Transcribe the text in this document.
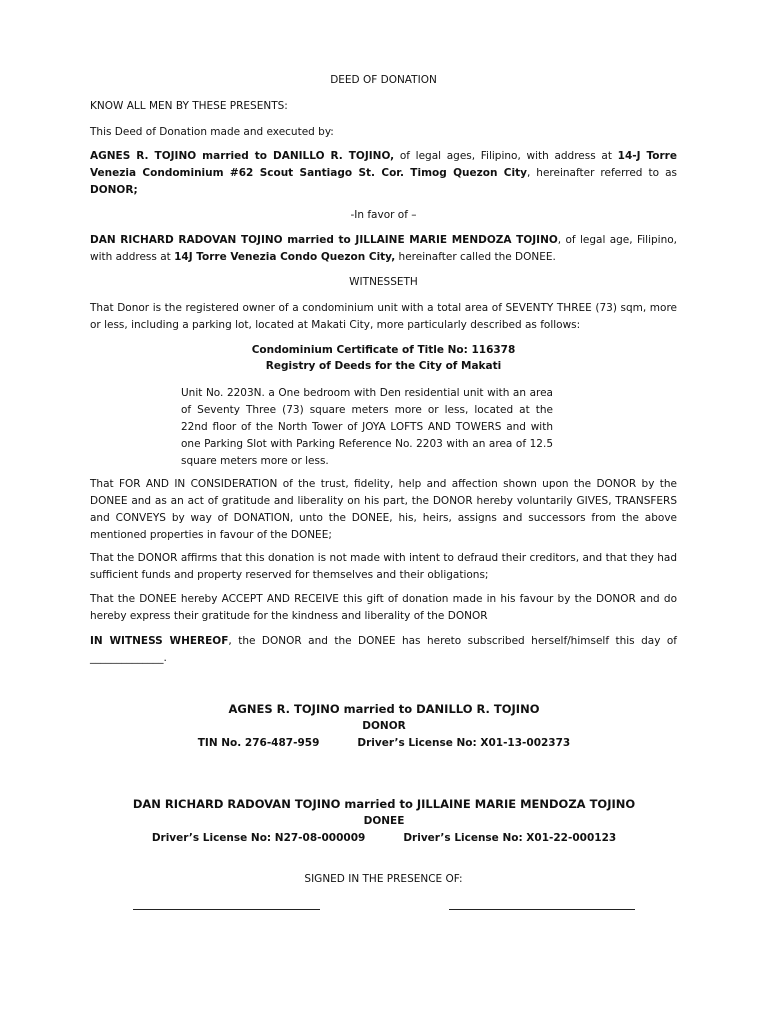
DEED OF DONATION

KNOW ALL MEN BY THESE PRESENTS:

This Deed of Donation made and executed by:

AGNES R. TOJINO married to DANILLO R. TOJINO, of legal ages, Filipino, with address at 14-J Torre Venezia Condominium #62 Scout Santiago St. Cor. Timog Quezon City, hereinafter referred to as DONOR;

-In favor of –

DAN RICHARD RADOVAN TOJINO married to JILLAINE MARIE MENDOZA TOJINO, of legal age, Filipino, with address at 14J Torre Venezia Condo Quezon City, hereinafter called the DONEE.

WITNESSETH

That Donor is the registered owner of a condominium unit with a total area of SEVENTY THREE (73) sqm, more or less, including a parking lot, located at Makati City, more particularly described as follows:

Condominium Certificate of Title No: 116378

Registry of Deeds for the City of Makati

Unit No. 2203N. a One bedroom with Den residential unit with an area of Seventy Three (73) square meters more or less, located at the 22nd floor of the North Tower of JOYA LOFTS AND TOWERS and with one Parking Slot with Parking Reference No. 2203 with an area of 12.5 square meters more or less.

That FOR AND IN CONSIDERATION of the trust, fidelity, help and affection shown upon the DONOR by the DONEE and as an act of gratitude and liberality on his part, the DONOR hereby voluntarily GIVES, TRANSFERS and CONVEYS by way of DONATION, unto the DONEE, his, heirs, assigns and successors from the above mentioned properties in favour of the DONEE;

That the DONOR affirms that this donation is not made with intent to defraud their creditors, and that they had sufficient funds and property reserved for themselves and their obligations;

That the DONEE hereby ACCEPT AND RECEIVE this gift of donation made in his favour by the DONOR and do hereby express their gratitude for the kindness and liberality of the DONOR

IN WITNESS WHEREOF, the DONOR and the DONEE has hereto subscribed herself/himself this day of ______________.

AGNES R. TOJINO married to DANILLO R. TOJINO
DONOR
TIN No. 276-487-959	Driver’s License No: X01-13-002373
DAN RICHARD RADOVAN TOJINO married to JILLAINE MARIE MENDOZA TOJINO
DONEE
Driver’s License No: N27-08-000009	Driver’s License No: X01-22-000123

SIGNED IN THE PRESENCE OF:
